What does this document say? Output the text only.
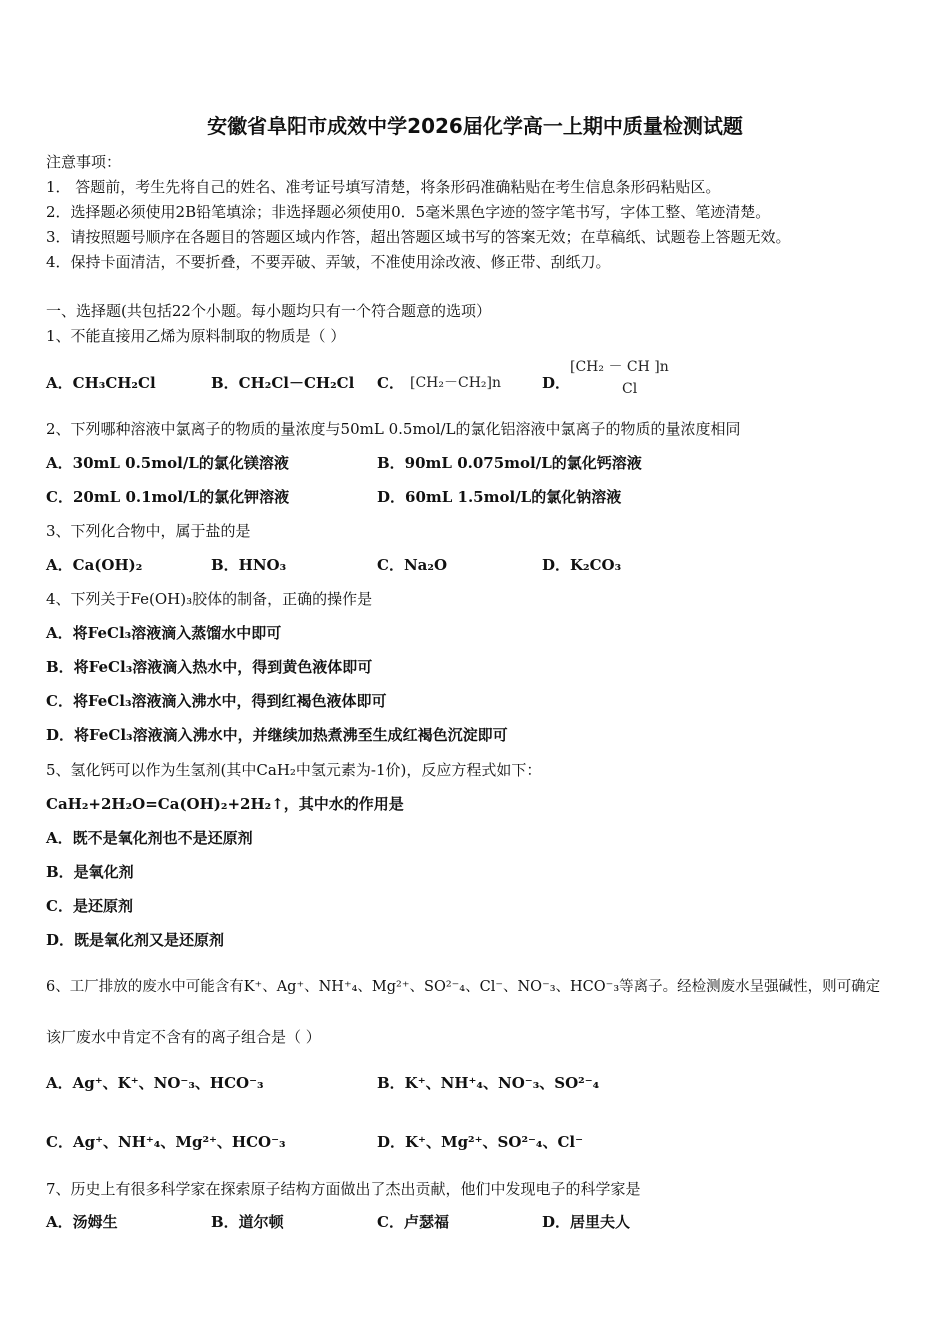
安徽省阜阳市成效中学2026届化学高一上期中质量检测试题
注意事项：
1． 答题前，考生先将自己的姓名、准考证号填写清楚，将条形码准确粘贴在考生信息条形码粘贴区。
2．选择题必须使用2B铅笔填涂；非选择题必须使用0．5毫米黑色字迹的签字笔书写，字体工整、笔迹清楚。
3．请按照题号顺序在各题目的答题区域内作答，超出答题区域书写的答案无效；在草稿纸、试题卷上答题无效。
4．保持卡面清洁，不要折叠，不要弄破、弄皱，不准使用涂改液、修正带、刮纸刀。
一、选择题(共包括22个小题。每小题均只有一个符合题意的选项）
1、不能直接用乙烯为原料制取的物质是（ ）
A．CH₃CH₂Cl	B．CH₂Cl－CH₂Cl C． [CH₂－CH₂]n	D．
[CH₂ － CH ]n
Cl
2、下列哪种溶液中氯离子的物质的量浓度与50mL 0.5mol/L的氯化铝溶液中氯离子的物质的量浓度相同
A．30mL 0.5mol/L的氯化镁溶液	B．90mL 0.075mol/L的氯化钙溶液
C．20mL 0.1mol/L的氯化钾溶液	D．60mL 1.5mol/L的氯化钠溶液
3、下列化合物中，属于盐的是
A．Ca(OH)₂	B．HNO₃	C．Na₂O	D．K₂CO₃
4、下列关于Fe(OH)₃胶体的制备，正确的操作是
A．将FeCl₃溶液滴入蒸馏水中即可
B．将FeCl₃溶液滴入热水中，得到黄色液体即可
C．将FeCl₃溶液滴入沸水中，得到红褐色液体即可
D．将FeCl₃溶液滴入沸水中，并继续加热煮沸至生成红褐色沉淀即可
5、氢化钙可以作为生氢剂(其中CaH₂中氢元素为-1价)，反应方程式如下：
CaH₂+2H₂O=Ca(OH)₂+2H₂↑，其中水的作用是
A．既不是氧化剂也不是还原剂
B．是氧化剂
C．是还原剂
D．既是氧化剂又是还原剂
6、工厂排放的废水中可能含有K⁺、Ag⁺、NH⁺₄、Mg²⁺、SO²⁻₄、Cl⁻、NO⁻₃、HCO⁻₃等离子。经检测废水呈强碱性，则可确定
该厂废水中肯定不含有的离子组合是（ ）
A．Ag⁺、K⁺、NO⁻₃、HCO⁻₃	B．K⁺、NH⁺₄、NO⁻₃、SO²⁻₄
C．Ag⁺、NH⁺₄、Mg²⁺、HCO⁻₃	D．K⁺、Mg²⁺、SO²⁻₄、Cl⁻
7、历史上有很多科学家在探索原子结构方面做出了杰出贡献，他们中发现电子的科学家是
A．汤姆生	B．道尔顿	C．卢瑟福	D．居里夫人
